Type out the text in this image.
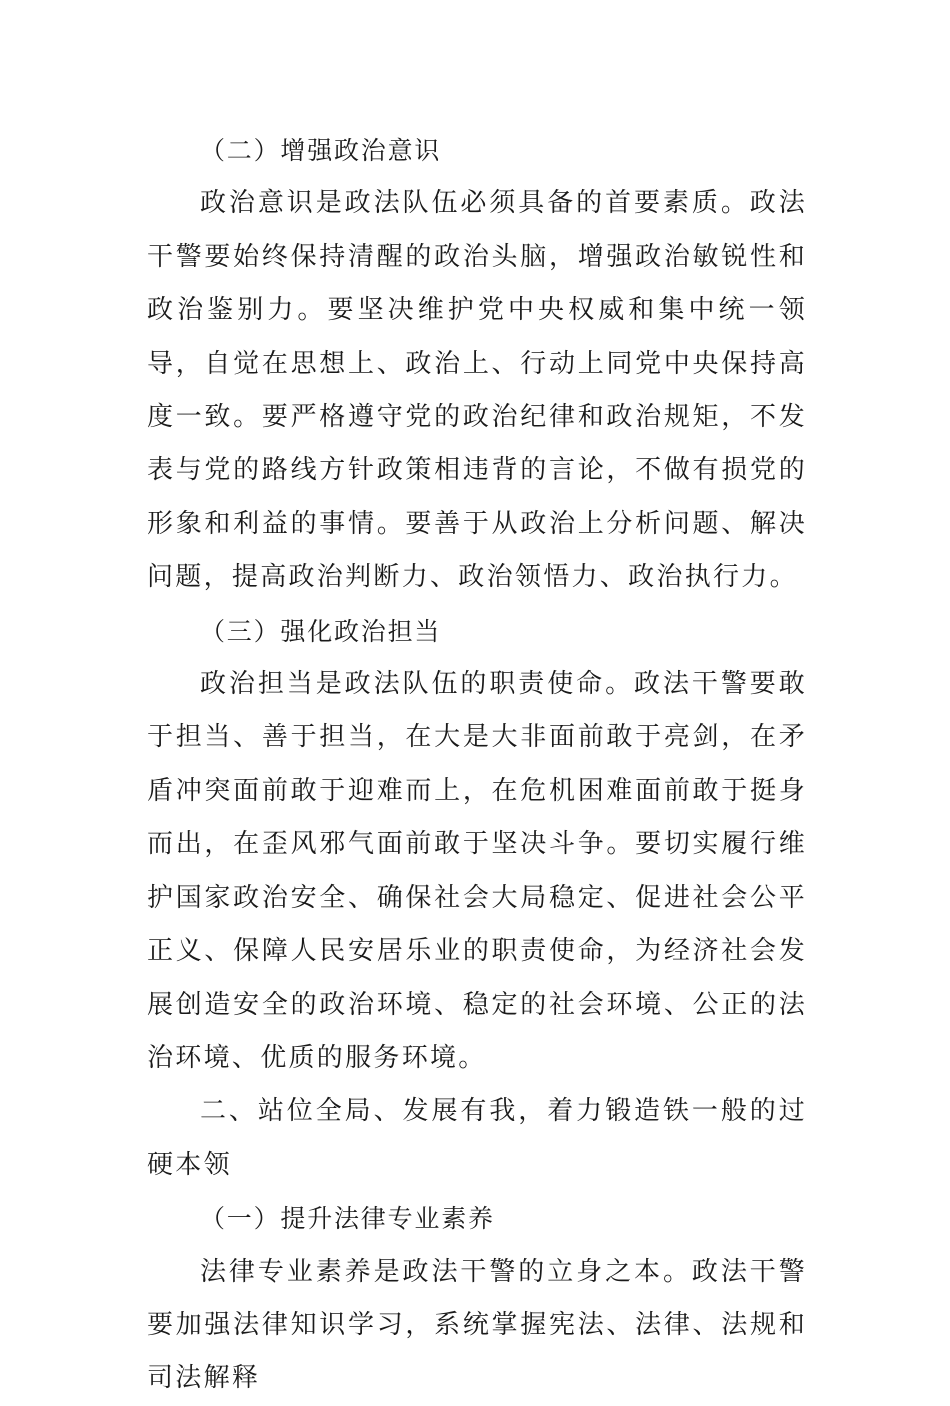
（二）增强政治意识

政治意识是政法队伍必须具备的首要素质。政法干警要始终保持清醒的政治头脑，增强政治敏锐性和政治鉴别力。要坚决维护党中央权威和集中统一领导，自觉在思想上、政治上、行动上同党中央保持高度一致。要严格遵守党的政治纪律和政治规矩，不发表与党的路线方针政策相违背的言论，不做有损党的形象和利益的事情。要善于从政治上分析问题、解决问题，提高政治判断力、政治领悟力、政治执行力。

（三）强化政治担当

政治担当是政法队伍的职责使命。政法干警要敢于担当、善于担当，在大是大非面前敢于亮剑，在矛盾冲突面前敢于迎难而上，在危机困难面前敢于挺身而出，在歪风邪气面前敢于坚决斗争。要切实履行维护国家政治安全、确保社会大局稳定、促进社会公平正义、保障人民安居乐业的职责使命，为经济社会发展创造安全的政治环境、稳定的社会环境、公正的法治环境、优质的服务环境。

二、站位全局、发展有我，着力锻造铁一般的过硬本领

（一）提升法律专业素养

法律专业素养是政法干警的立身之本。政法干警要加强法律知识学习，系统掌握宪法、法律、法规和司法解释
